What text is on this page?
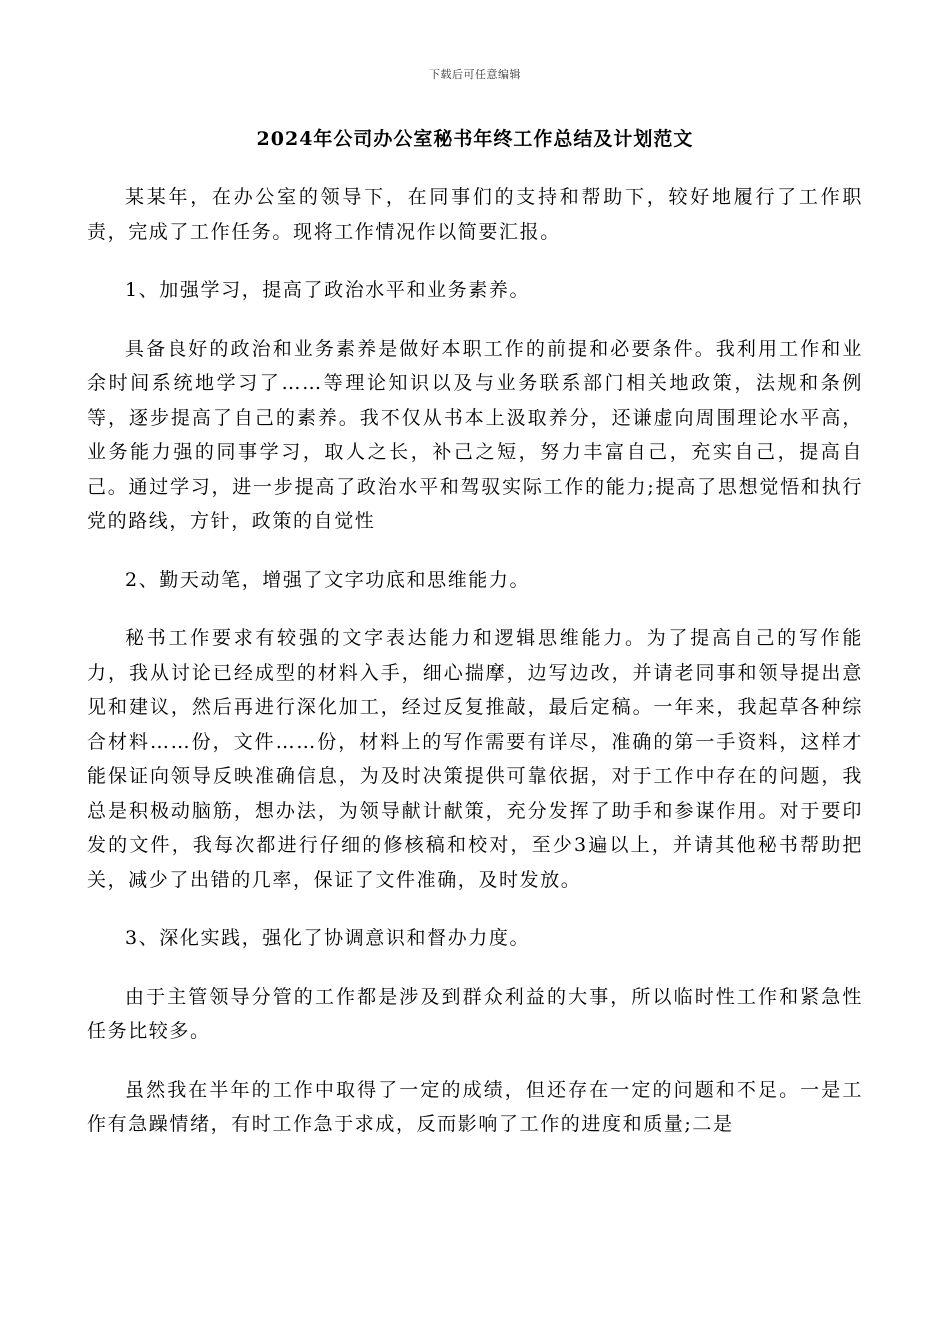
下载后可任意编辑
2024年公司办公室秘书年终工作总结及计划范文

某某年，在办公室的领导下，在同事们的支持和帮助下，较好地履行了工作职责，完成了工作任务。现将工作情况作以简要汇报。

1、加强学习，提高了政治水平和业务素养。

具备良好的政治和业务素养是做好本职工作的前提和必要条件。我利用工作和业余时间系统地学习了……等理论知识以及与业务联系部门相关地政策，法规和条例等，逐步提高了自己的素养。我不仅从书本上汲取养分，还谦虚向周围理论水平高，业务能力强的同事学习，取人之长，补己之短，努力丰富自己，充实自己，提高自己。通过学习，进一步提高了政治水平和驾驭实际工作的能力;提高了思想觉悟和执行党的路线，方针，政策的自觉性

2、勤天动笔，增强了文字功底和思维能力。

秘书工作要求有较强的文字表达能力和逻辑思维能力。为了提高自己的写作能力，我从讨论已经成型的材料入手，细心揣摩，边写边改，并请老同事和领导提出意见和建议，然后再进行深化加工，经过反复推敲，最后定稿。一年来，我起草各种综合材料……份，文件……份，材料上的写作需要有详尽，准确的第一手资料，这样才能保证向领导反映准确信息，为及时决策提供可靠依据，对于工作中存在的问题，我总是积极动脑筋，想办法，为领导献计献策，充分发挥了助手和参谋作用。对于要印发的文件，我每次都进行仔细的修核稿和校对，至少3遍以上，并请其他秘书帮助把关，减少了出错的几率，保证了文件准确，及时发放。

3、深化实践，强化了协调意识和督办力度。

由于主管领导分管的工作都是涉及到群众利益的大事，所以临时性工作和紧急性任务比较多。

虽然我在半年的工作中取得了一定的成绩，但还存在一定的问题和不足。一是工作有急躁情绪，有时工作急于求成，反而影响了工作的进度和质量;二是
